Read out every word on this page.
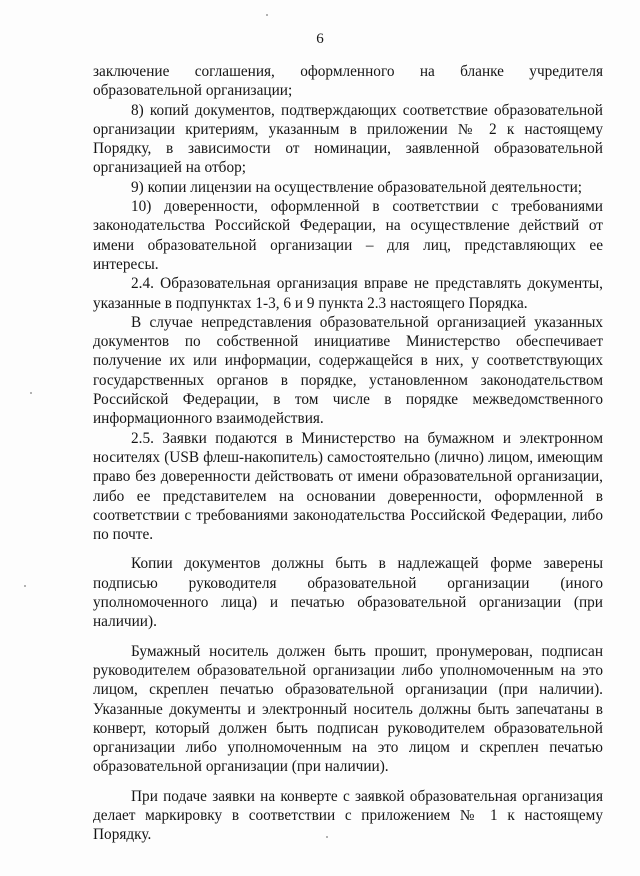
6

заключение соглашения, оформленного на бланке учредителя образовательной организации;

8) копий документов, подтверждающих соответствие образовательной организации критериям, указанным в приложении № 2 к настоящему Порядку, в зависимости от номинации, заявленной образовательной организацией на отбор;

9) копии лицензии на осуществление образовательной деятельности;

10) доверенности, оформленной в соответствии с требованиями законодательства Российской Федерации, на осуществление действий от имени образовательной организации – для лиц, представляющих ее интересы.

2.4. Образовательная организация вправе не представлять документы, указанные в подпунктах 1-3, 6 и 9 пункта 2.3 настоящего Порядка.

В случае непредставления образовательной организацией указанных документов по собственной инициативе Министерство обеспечивает получение их или информации, содержащейся в них, у соответствующих государственных органов в порядке, установленном законодательством Российской Федерации, в том числе в порядке межведомственного информационного взаимодействия.

2.5. Заявки подаются в Министерство на бумажном и электронном носителях (USB флеш-накопитель) самостоятельно (лично) лицом, имеющим право без доверенности действовать от имени образовательной организации, либо ее представителем на основании доверенности, оформленной в соответствии с требованиями законодательства Российской Федерации, либо по почте.

Копии документов должны быть в надлежащей форме заверены подписью руководителя образовательной организации (иного уполномоченного лица) и печатью образовательной организации (при наличии).

Бумажный носитель должен быть прошит, пронумерован, подписан руководителем образовательной организации либо уполномоченным на это лицом, скреплен печатью образовательной организации (при наличии). Указанные документы и электронный носитель должны быть запечатаны в конверт, который должен быть подписан руководителем образовательной организации либо уполномоченным на это лицом и скреплен печатью образовательной организации (при наличии).

При подаче заявки на конверте с заявкой образовательная организация делает маркировку в соответствии с приложением № 1 к настоящему Порядку.
